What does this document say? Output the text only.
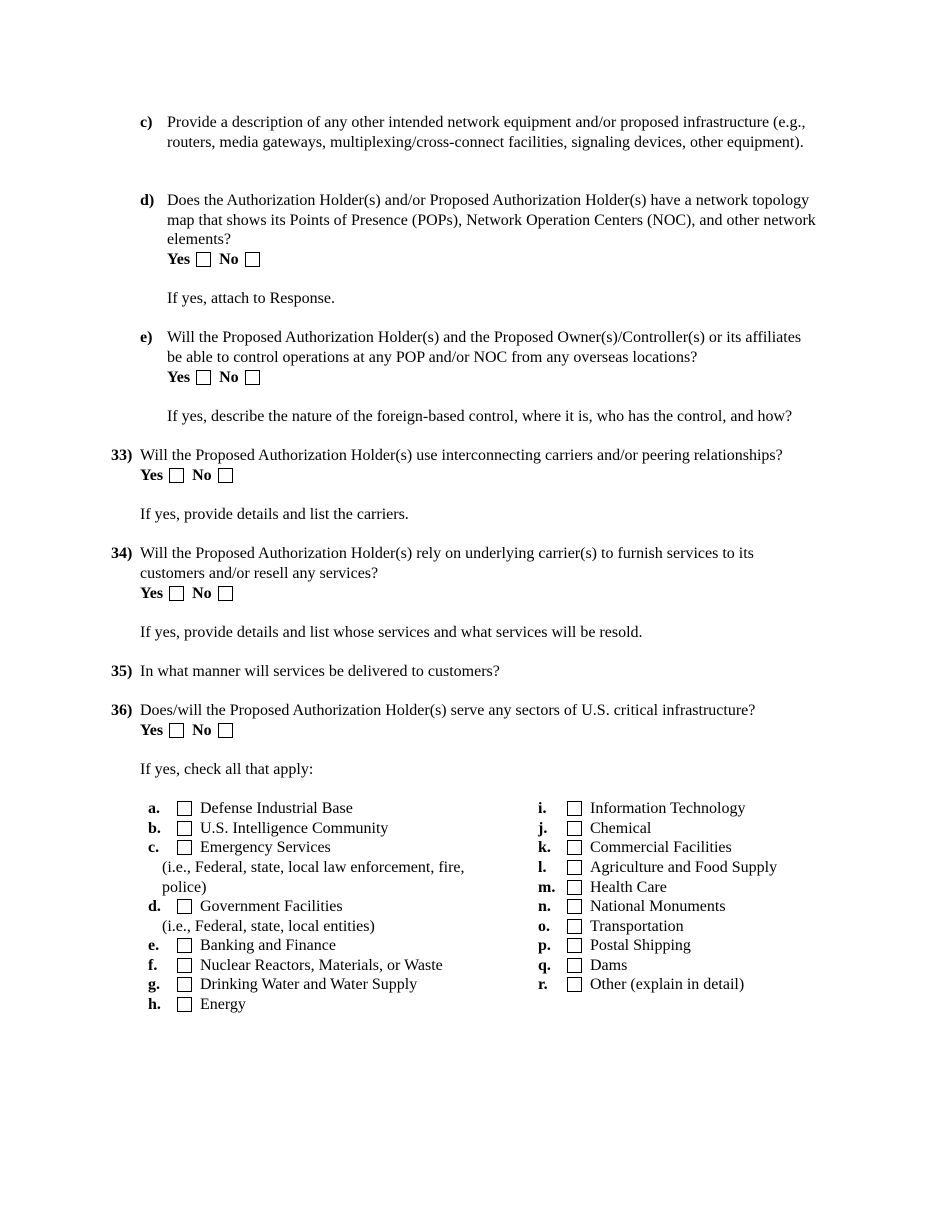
c) Provide a description of any other intended network equipment and/or proposed infrastructure (e.g., routers, media gateways, multiplexing/cross-connect facilities, signaling devices, other equipment).
d) Does the Authorization Holder(s) and/or Proposed Authorization Holder(s) have a network topology map that shows its Points of Presence (POPs), Network Operation Centers (NOC), and other network elements?
Yes No
If yes, attach to Response.
e) Will the Proposed Authorization Holder(s) and the Proposed Owner(s)/Controller(s) or its affiliates be able to control operations at any POP and/or NOC from any overseas locations?
Yes No
If yes, describe the nature of the foreign-based control, where it is, who has the control, and how?
33) Will the Proposed Authorization Holder(s) use interconnecting carriers and/or peering relationships?
Yes No
If yes, provide details and list the carriers.
34) Will the Proposed Authorization Holder(s) rely on underlying carrier(s) to furnish services to its customers and/or resell any services?
Yes No
If yes, provide details and list whose services and what services will be resold.
35) In what manner will services be delivered to customers?
36) Does/will the Proposed Authorization Holder(s) serve any sectors of U.S. critical infrastructure?
Yes No
If yes, check all that apply:
a.	Defense Industrial Base
b. U.S. Intelligence Community
c.	Emergency Services
(i.e., Federal, state, local law enforcement, fire,
police)
d. Government Facilities
(i.e., Federal, state, local entities)
e.	Banking and Finance
f.	Nuclear Reactors, Materials, or Waste
g.	Drinking Water and Water Supply
h. Energy
i.	Information Technology
j.	Chemical
k. Commercial Facilities
l.	Agriculture and Food Supply
m. Health Care
n. National Monuments
o.	Transportation
p. Postal Shipping
q. Dams
r.	Other (explain in detail)
